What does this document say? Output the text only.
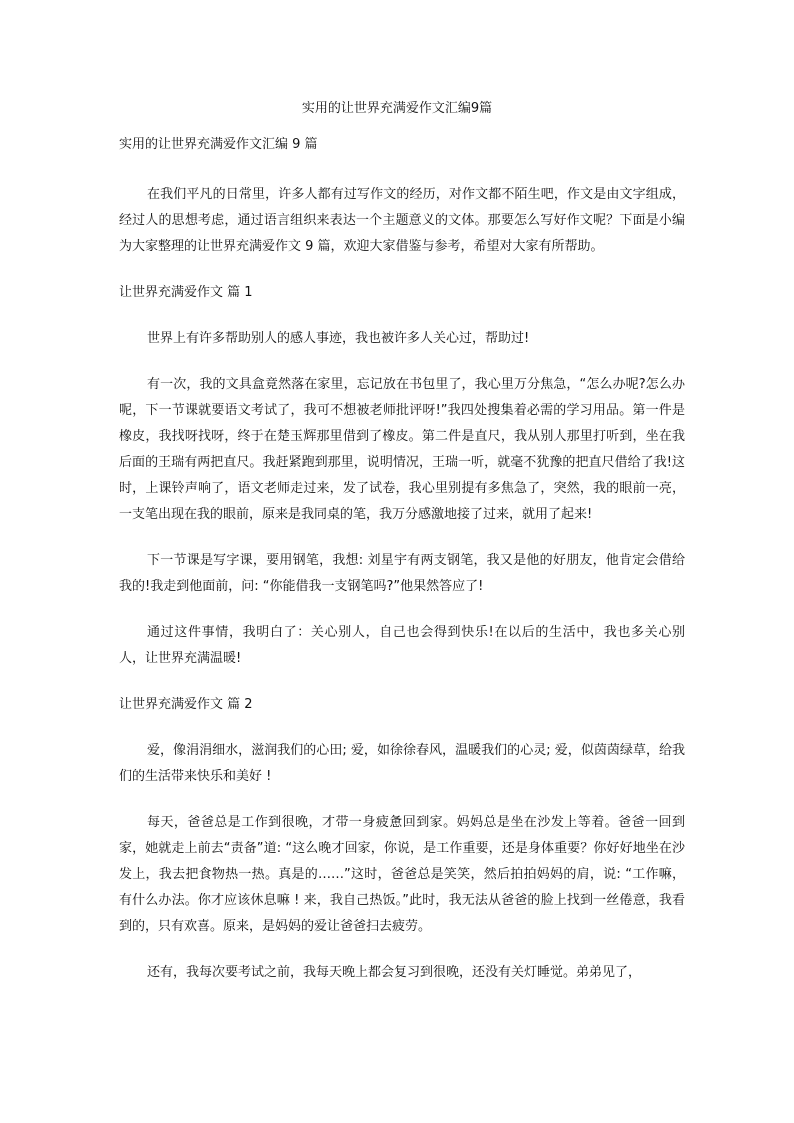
实用的让世界充满爱作文汇编9篇
实用的让世界充满爱作文汇编 9 篇

在我们平凡的日常里，许多人都有过写作文的经历，对作文都不陌生吧，作文是由文字组成，经过人的思想考虑，通过语言组织来表达一个主题意义的文体。那要怎么写好作文呢？下面是小编为大家整理的让世界充满爱作文 9 篇，欢迎大家借鉴与参考，希望对大家有所帮助。

让世界充满爱作文 篇 1

世界上有许多帮助别人的感人事迹，我也被许多人关心过，帮助过!

有一次，我的文具盒竟然落在家里，忘记放在书包里了，我心里万分焦急，“怎么办呢?怎么办呢，下一节课就要语文考试了，我可不想被老师批评呀!”我四处搜集着必需的学习用品。第一件是橡皮，我找呀找呀，终于在楚玉辉那里借到了橡皮。第二件是直尺，我从别人那里打听到，坐在我后面的王瑞有两把直尺。我赶紧跑到那里，说明情况，王瑞一听，就毫不犹豫的把直尺借给了我!这时，上课铃声响了，语文老师走过来，发了试卷，我心里别提有多焦急了，突然，我的眼前一亮，一支笔出现在我的眼前，原来是我同桌的笔，我万分感激地接了过来，就用了起来!

下一节课是写字课，要用钢笔，我想: 刘星宇有两支钢笔，我又是他的好朋友，他肯定会借给我的!我走到他面前，问: “你能借我一支钢笔吗?”他果然答应了!

通过这件事情，我明白了：关心别人，自己也会得到快乐!在以后的生活中，我也多关心别人，让世界充满温暖!

让世界充满爱作文 篇 2

爱，像涓涓细水，滋润我们的心田; 爱，如徐徐春风，温暖我们的心灵; 爱，似茵茵绿草，给我们的生活带来快乐和美好 !

每天，爸爸总是工作到很晚，才带一身疲惫回到家。妈妈总是坐在沙发上等着。爸爸一回到家，她就走上前去“责备”道: “这么晚才回家，你说，是工作重要，还是身体重要？你好好地坐在沙发上，我去把食物热一热。真是的……”这时，爸爸总是笑笑，然后拍拍妈妈的肩，说: “工作嘛，有什么办法。你才应该休息嘛 ! 来，我自己热饭。”此时，我无法从爸爸的脸上找到一丝倦意，我看到的，只有欢喜。原来，是妈妈的爱让爸爸扫去疲劳。

还有，我每次要考试之前，我每天晚上都会复习到很晚，还没有关灯睡觉。弟弟见了，
